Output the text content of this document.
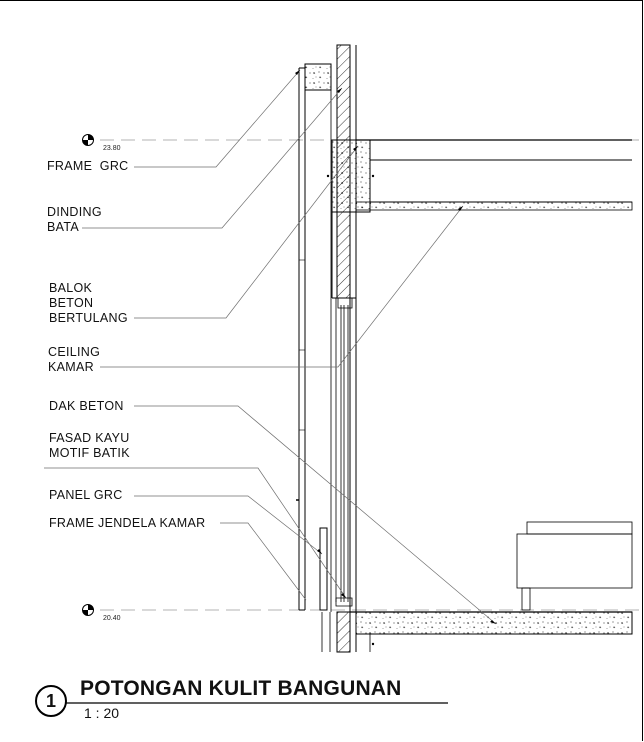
23.80
20.40
FRAME  GRC
DINDING
BATA
BALOK
BETON
BERTULANG
CEILING
KAMAR
DAK BETON
FASAD KAYU
MOTIF BATIK
PANEL GRC
FRAME JENDELA KAMAR
1
POTONGAN KULIT BANGUNAN
1 : 20
